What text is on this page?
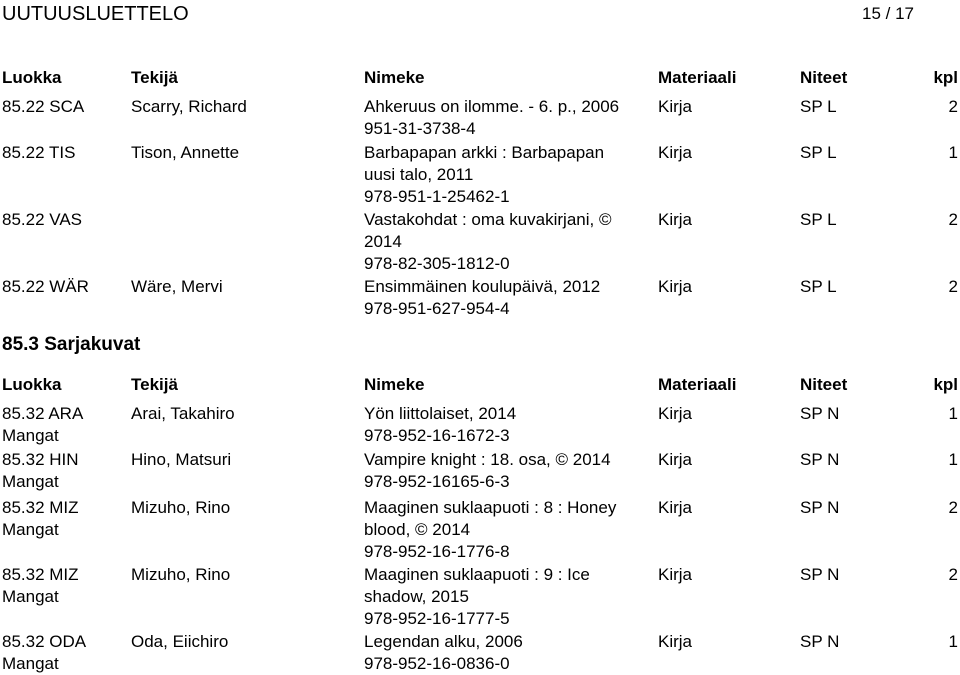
UUTUUSLUETTELO	15 / 17
Luokka	Tekijä	Nimeke	Materiaali	Niteet	kpl
85.22 SCA	Scarry, Richard	Ahkeruus on ilomme. - 6. p., 2006
951-31-3738-4
Kirja	SP L	2
85.22 TIS	Tison, Annette	Barbapapan arkki : Barbapapan
uusi talo, 2011
978-951-1-25462-1
Kirja	SP L	1
85.22 VAS	Vastakohdat : oma kuvakirjani, ©
2014
978-82-305-1812-0
Kirja	SP L	2
85.22 WÄR Wäre, Mervi	Ensimmäinen koulupäivä, 2012
978-951-627-954-4
Kirja	SP L	2
85.3 Sarjakuvat
Luokka	Tekijä	Nimeke	Materiaali	Niteet	kpl
85.32 ARA
Mangat
Arai, Takahiro	Yön liittolaiset, 2014
978-952-16-1672-3
Kirja	SP N	1
85.32 HIN
Mangat
Hino, Matsuri	Vampire knight : 18. osa, © 2014
978-952-16165-6-3
Kirja	SP N	1
85.32 MIZ
Mangat
Mizuho, Rino	Maaginen suklaapuoti : 8 : Honey
blood, © 2014
978-952-16-1776-8
Kirja	SP N	2
85.32 MIZ
Mangat
Mizuho, Rino	Maaginen suklaapuoti : 9 : Ice
shadow, 2015
978-952-16-1777-5
Kirja	SP N	2
85.32 ODA
Mangat
Oda, Eiichiro	Legendan alku, 2006
978-952-16-0836-0
Kirja	SP N	1
